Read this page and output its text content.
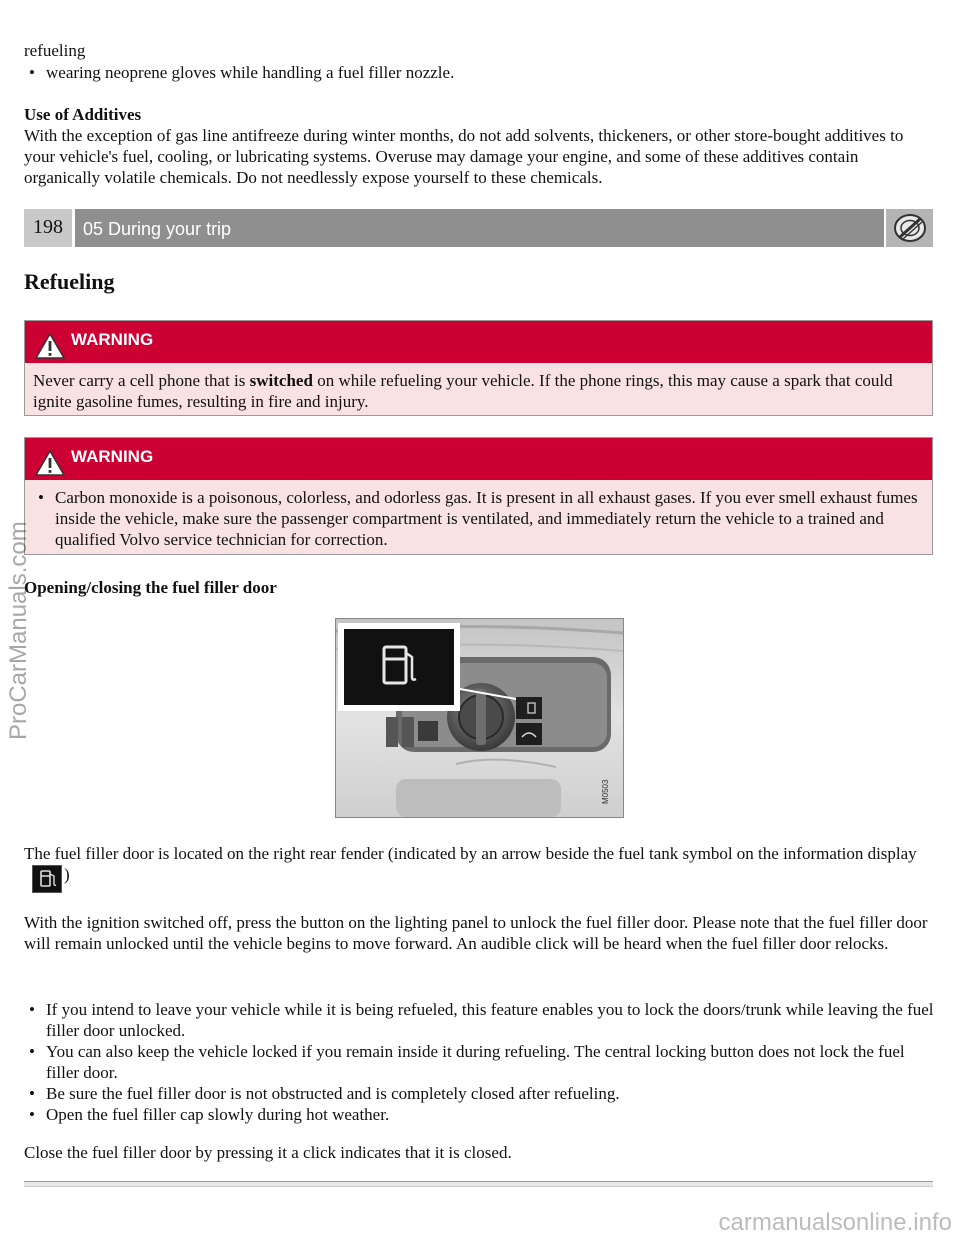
refueling
• wearing neoprene gloves while handling a fuel filler nozzle.
Use of Additives

With the exception of gas line antifreeze during winter months, do not add solvents, thickeners, or other store-bought additives to your vehicle's fuel, cooling, or lubricating systems. Overuse may damage your engine, and some of these additives contain organically volatile chemicals. Do not needlessly expose yourself to these chemicals.

198	05 During your trip
Refueling
WARNING
Never carry a cell phone that is switched on while refueling your vehicle. If the phone rings, this may cause a spark that could ignite gasoline fumes, resulting in fire and injury.
WARNING
• Carbon monoxide is a poisonous, colorless, and odorless gas. It is present in all exhaust gases. If you ever smell exhaust fumes inside the vehicle, make sure the passenger compartment is ventilated, and immediately return the vehicle to a trained and qualified Volvo service technician for correction.
Opening/closing the fuel filler door
M0503

The fuel filler door is located on the right rear fender (indicated by an arrow beside the fuel tank symbol on the information display)

With the ignition switched off, press the button on the lighting panel to unlock the fuel filler door. Please note that the fuel filler door will remain unlocked until the vehicle begins to move forward. An audible click will be heard when the fuel filler door relocks.

• If you intend to leave your vehicle while it is being refueled, this feature enables you to lock the doors/trunk while leaving the fuel filler door unlocked.
• You can also keep the vehicle locked if you remain inside it during refueling. The central locking button does not lock the fuel filler door.
• Be sure the fuel filler door is not obstructed and is completely closed after refueling.
• Open the fuel filler cap slowly during hot weather.

Close the fuel filler door by pressing it a click indicates that it is closed.

ProCarManuals.com
carmanualsonline.info
